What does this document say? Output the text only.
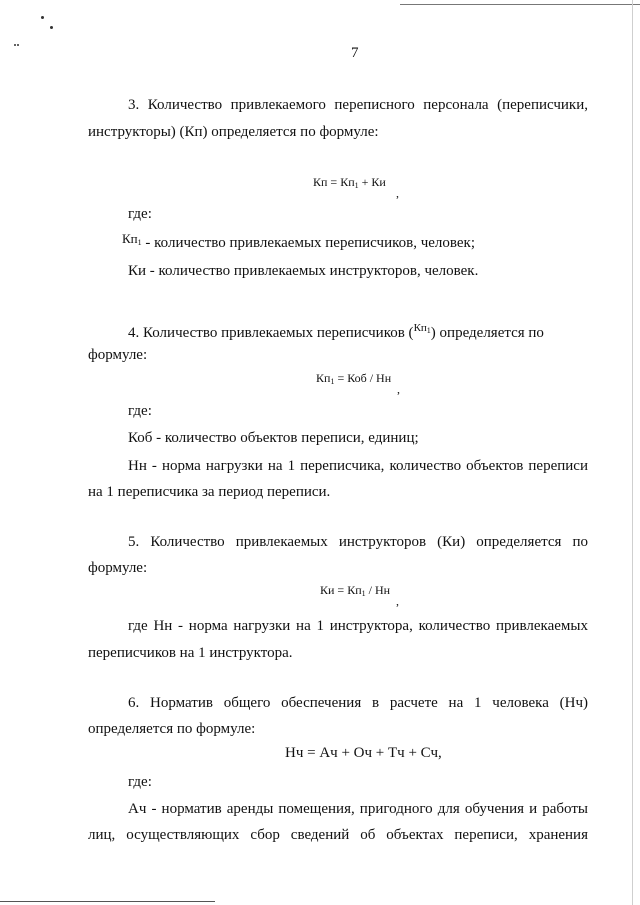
7
3. Количество привлекаемого переписного персонала (переписчики,
инструкторы) (Кп) определяется по формуле:
Кп = $Кп_1$ + Ки
,
где:
$Кп^1$ - количество привлекаемых переписчиков, человек;
Ки - количество привлекаемых инструкторов, человек.
4. Количество привлекаемых переписчиков ($^{Кп1}$) определяется по
формуле:
$Кп_1$ = Коб / Нн
,
где:
Коб - количество объектов переписи, единиц;
Нн - норма нагрузки на 1 переписчика, количество объектов переписи
на 1 переписчика за период переписи.
5. Количество привлекаемых инструкторов (Ки) определяется по
формуле:
Ки = $Кп_1$ / Нн
,
где Нн - норма нагрузки на 1 инструктора, количество привлекаемых
переписчиков на 1 инструктора.
6. Норматив общего обеспечения в расчете на 1 человека (Нч)
определяется по формуле:
Нч = Ач + Оч + Тч + Сч,
где:
Ач - норматив аренды помещения, пригодного для обучения и работы
лиц, осуществляющих сбор сведений об объектах переписи, хранения
